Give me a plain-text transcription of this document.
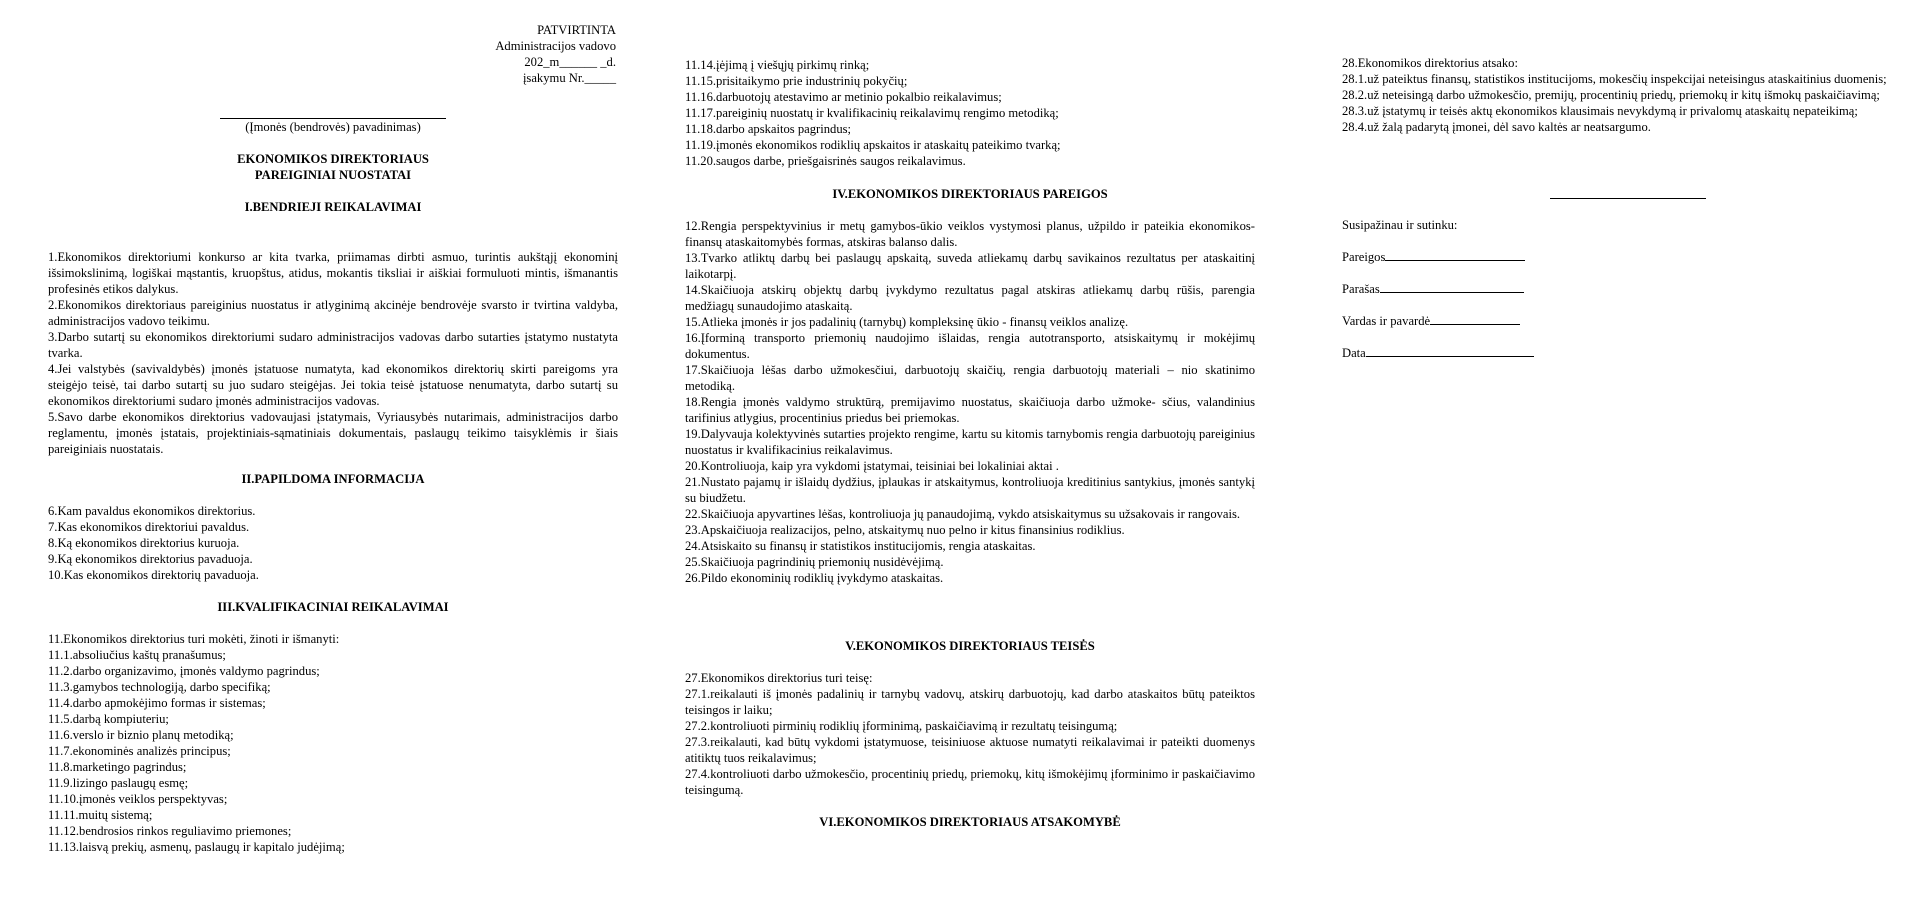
PATVIRTINTA

Administracijos vadovo

202_m______ _d.

įsakymu Nr._____

(Įmonės (bendrovės) pavadinimas)

EKONOMIKOS DIREKTORIAUS

PAREIGINIAI NUOSTATAI

I.BENDRIEJI REIKALAVIMAI

1.Ekonomikos direktoriumi konkurso ar kita tvarka, priimamas dirbti asmuo, turintis aukštąjį ekonominį išsimokslinimą, logiškai mąstantis, kruopštus, atidus, mokantis tiksliai ir aiškiai formuluoti mintis, išmanantis profesinės etikos dalykus.

2.Ekonomikos direktoriaus pareiginius nuostatus ir atlyginimą akcinėje bendrovėje svarsto ir tvirtina valdyba, administracijos vadovo teikimu.

3.Darbo sutartį su ekonomikos direktoriumi sudaro administracijos vadovas darbo sutarties įstatymo nustatyta tvarka.

4.Jei valstybės (savivaldybės) įmonės įstatuose numatyta, kad ekonomikos direktorių skirti pareigoms yra steigėjo teisė, tai darbo sutartį su juo sudaro steigėjas. Jei tokia teisė įstatuose nenumatyta, darbo sutartį su ekonomikos direktoriumi sudaro įmonės administracijos vadovas.

5.Savo darbe ekonomikos direktorius vadovaujasi įstatymais, Vyriausybės nutarimais, administracijos darbo reglamentu, įmonės įstatais, projektiniais-sąmatiniais dokumentais, paslaugų teikimo taisyklėmis ir šiais pareiginiais nuostatais.

II.PAPILDOMA INFORMACIJA

6.Kam pavaldus ekonomikos direktorius.

7.Kas ekonomikos direktoriui pavaldus.

8.Ką ekonomikos direktorius kuruoja.

9.Ką ekonomikos direktorius pavaduoja.

10.Kas ekonomikos direktorių pavaduoja.

III.KVALIFIKACINIAI REIKALAVIMAI

11.Ekonomikos direktorius turi mokėti, žinoti ir išmanyti:

11.1.absoliučius kaštų pranašumus;

11.2.darbo organizavimo, įmonės valdymo pagrindus;

11.3.gamybos technologiją, darbo specifiką;

11.4.darbo apmokėjimo formas ir sistemas;

11.5.darbą kompiuteriu;

11.6.verslo ir biznio planų metodiką;

11.7.ekonominės analizės principus;

11.8.marketingo pagrindus;

11.9.lizingo paslaugų esmę;

11.10.įmonės veiklos perspektyvas;

11.11.muitų sistemą;

11.12.bendrosios rinkos reguliavimo priemones;

11.13.laisvą prekių, asmenų, paslaugų ir kapitalo judėjimą;

11.14.įėjimą į viešųjų pirkimų rinką;

11.15.prisitaikymo prie industrinių pokyčių;

11.16.darbuotojų atestavimo ar metinio pokalbio reikalavimus;

11.17.pareiginių nuostatų ir kvalifikacinių reikalavimų rengimo metodiką;

11.18.darbo apskaitos pagrindus;

11.19.įmonės ekonomikos rodiklių apskaitos ir ataskaitų pateikimo tvarką;

11.20.saugos darbe, priešgaisrinės saugos reikalavimus.

IV.EKONOMIKOS DIREKTORIAUS PAREIGOS

12.Rengia perspektyvinius ir metų gamybos-ūkio veiklos vystymosi planus, užpildo ir pateikia ekonomikos-finansų ataskaitomybės formas, atskiras balanso dalis.

13.Tvarko atliktų darbų bei paslaugų apskaitą, suveda atliekamų darbų savikainos rezultatus per ataskaitinį laikotarpį.

14.Skaičiuoja atskirų objektų darbų įvykdymo rezultatus pagal atskiras atliekamų darbų rūšis, parengia medžiagų sunaudojimo ataskaitą.

15.Atlieka įmonės ir jos padalinių (tarnybų) kompleksinę ūkio - finansų veiklos analizę.

16.Įforminą transporto priemonių naudojimo išlaidas, rengia autotransporto, atsiskaitymų ir mokėjimų dokumentus.

17.Skaičiuoja lėšas darbo užmokesčiui, darbuotojų skaičių, rengia darbuotojų materiali – nio skatinimo metodiką.

18.Rengia įmonės valdymo struktūrą, premijavimo nuostatus, skaičiuoja darbo užmoke- sčius, valandinius tarifinius atlygius, procentinius priedus bei priemokas.

19.Dalyvauja kolektyvinės sutarties projekto rengime, kartu su kitomis tarnybomis rengia darbuotojų pareiginius nuostatus ir kvalifikacinius reikalavimus.

20.Kontroliuoja, kaip yra vykdomi įstatymai, teisiniai bei lokaliniai aktai .

21.Nustato pajamų ir išlaidų dydžius, įplaukas ir atskaitymus, kontroliuoja kreditinius santykius, įmonės santykį su biudžetu.

22.Skaičiuoja apyvartines lėšas, kontroliuoja jų panaudojimą, vykdo atsiskaitymus su užsakovais ir rangovais.

23.Apskaičiuoja realizacijos, pelno, atskaitymų nuo pelno ir kitus finansinius rodiklius.

24.Atsiskaito su finansų ir statistikos institucijomis, rengia ataskaitas.

25.Skaičiuoja pagrindinių priemonių nusidėvėjimą.

26.Pildo ekonominių rodiklių įvykdymo ataskaitas.

V.EKONOMIKOS DIREKTORIAUS TEISĖS

27.Ekonomikos direktorius turi teisę:

27.1.reikalauti iš įmonės padalinių ir tarnybų vadovų, atskirų darbuotojų, kad darbo ataskaitos būtų pateiktos teisingos ir laiku;

27.2.kontroliuoti pirminių rodiklių įforminimą, paskaičiavimą ir rezultatų teisingumą;

27.3.reikalauti, kad būtų vykdomi įstatymuose, teisiniuose aktuose numatyti reikalavimai ir pateikti duomenys atitiktų tuos reikalavimus;

27.4.kontroliuoti darbo užmokesčio, procentinių priedų, priemokų, kitų išmokėjimų įforminimo ir paskaičiavimo teisingumą.

VI.EKONOMIKOS DIREKTORIAUS ATSAKOMYBĖ

28.Ekonomikos direktorius atsako:

28.1.už pateiktus finansų, statistikos institucijoms, mokesčių inspekcijai neteisingus ataskaitinius duomenis;

28.2.už neteisingą darbo užmokesčio, premijų, procentinių priedų, priemokų ir kitų išmokų paskaičiavimą;

28.3.už įstatymų ir teisės aktų ekonomikos klausimais nevykdymą ir privalomų ataskaitų nepateikimą;

28.4.už žalą padarytą įmonei, dėl savo kaltės ar neatsargumo.

Susipažinau ir sutinku:

Pareigos

Parašas

Vardas ir pavardė

Data
